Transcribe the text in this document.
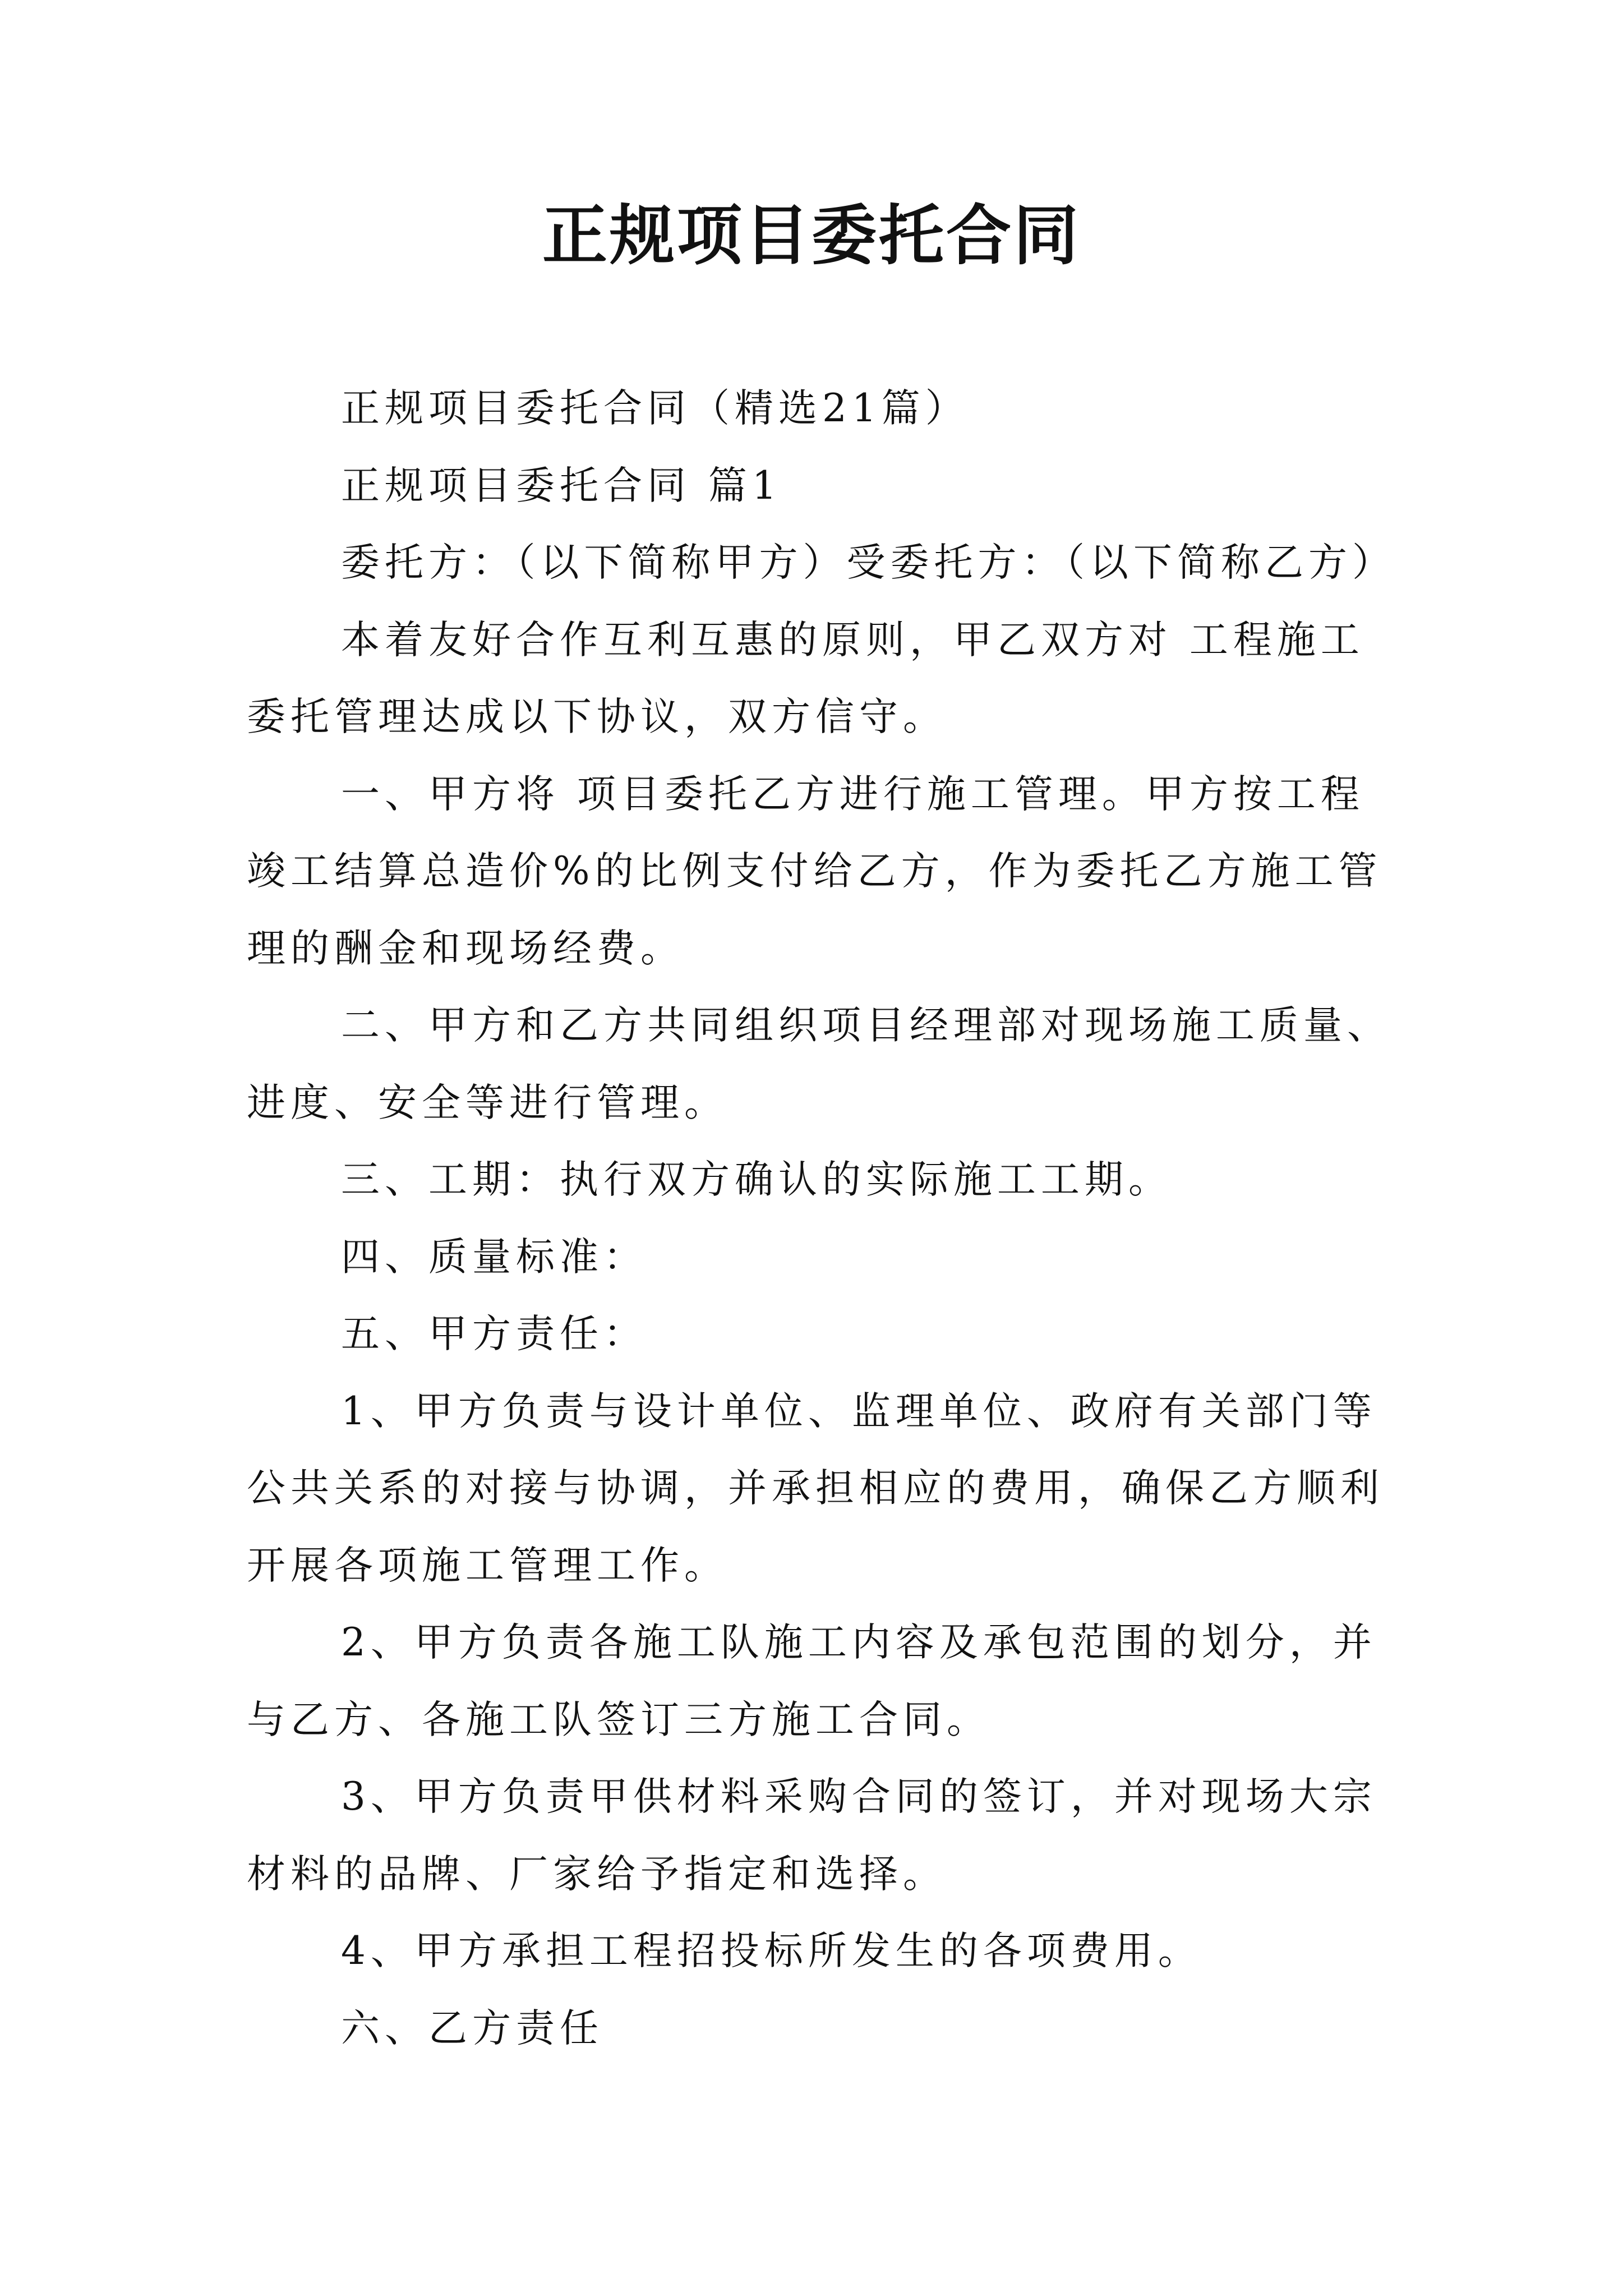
正规项目委托合同

正规项目委托合同（精选21篇）

正规项目委托合同 篇1

委托方：（以下简称甲方）受委托方：（以下简称乙方）

本着友好合作互利互惠的原则，甲乙双方对 工程施工委托管理达成以下协议，双方信守。

一、甲方将 项目委托乙方进行施工管理。甲方按工程竣工结算总造价%的比例支付给乙方，作为委托乙方施工管理的酬金和现场经费。

二、甲方和乙方共同组织项目经理部对现场施工质量、进度、安全等进行管理。

三、工期：执行双方确认的实际施工工期。

四、质量标准：

五、甲方责任：

1、甲方负责与设计单位、监理单位、政府有关部门等公共关系的对接与协调，并承担相应的费用，确保乙方顺利开展各项施工管理工作。

2、甲方负责各施工队施工内容及承包范围的划分，并与乙方、各施工队签订三方施工合同。

3、甲方负责甲供材料采购合同的签订，并对现场大宗材料的品牌、厂家给予指定和选择。

4、甲方承担工程招投标所发生的各项费用。

六、乙方责任
